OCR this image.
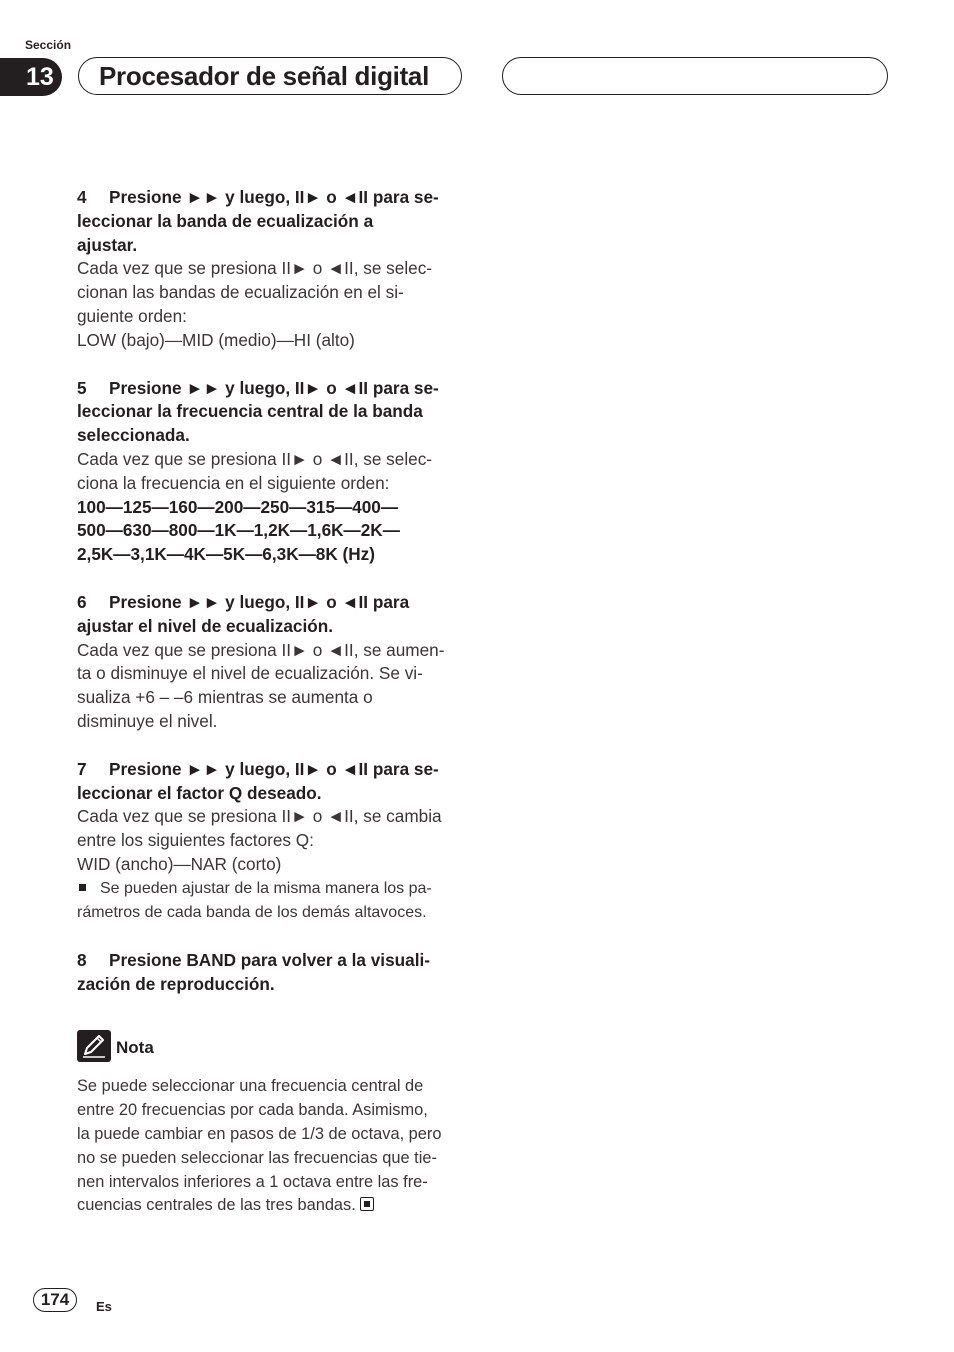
Sección
13	Procesador de señal digital

4 Presione ►► y luego, II► o ◄II para se-

leccionar la banda de ecualización a

ajustar.

Cada vez que se presiona II► o ◄II, se selec-

cionan las bandas de ecualización en el si-

guiente orden:

LOW (bajo)—MID (medio)—HI (alto)

5 Presione ►► y luego, II► o ◄II para se-

leccionar la frecuencia central de la banda

seleccionada.

Cada vez que se presiona II► o ◄II, se selec-

ciona la frecuencia en el siguiente orden:

100—125—160—200—250—315—400—

500—630—800—1K—1,2K—1,6K—2K—

2,5K—3,1K—4K—5K—6,3K—8K (Hz)

6 Presione ►► y luego, II► o ◄II para

ajustar el nivel de ecualización.

Cada vez que se presiona II► o ◄II, se aumen-

ta o disminuye el nivel de ecualización. Se vi-

sualiza +6 – –6 mientras se aumenta o

disminuye el nivel.

7 Presione ►► y luego, II► o ◄II para se-

leccionar el factor Q deseado.

Cada vez que se presiona II► o ◄II, se cambia

entre los siguientes factores Q:

WID (ancho)—NAR (corto)

Se pueden ajustar de la misma manera los pa-

rámetros de cada banda de los demás altavoces.

8 Presione BAND para volver a la visuali-

zación de reproducción.

Nota
Se puede seleccionar una frecuencia central de
entre 20 frecuencias por cada banda. Asimismo,
la puede cambiar en pasos de 1/3 de octava, pero
no se pueden seleccionar las frecuencias que tie-
nen intervalos inferiores a 1 octava entre las fre-
cuencias centrales de las tres bandas.
174	Es
